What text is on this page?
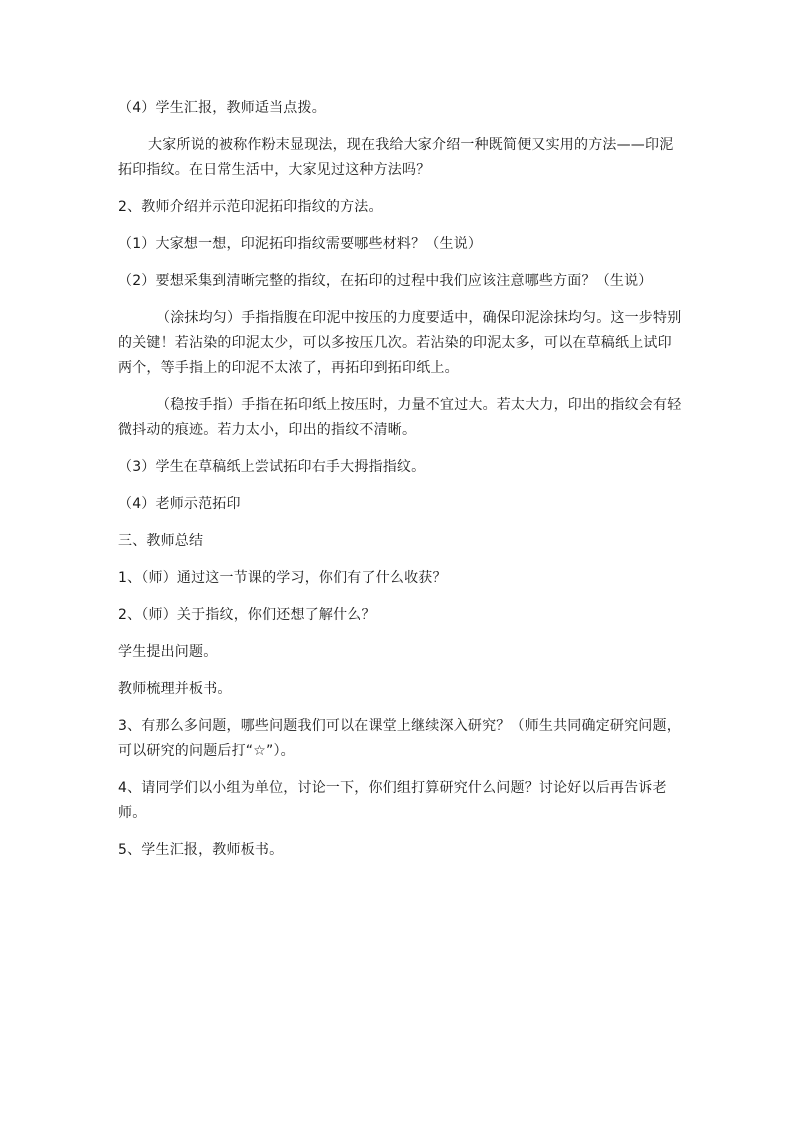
（4）学生汇报，教师适当点拨。

大家所说的被称作粉末显现法，现在我给大家介绍一种既简便又实用的方法——印泥拓印指纹。在日常生活中，大家见过这种方法吗？

2、教师介绍并示范印泥拓印指纹的方法。

（1）大家想一想，印泥拓印指纹需要哪些材料？（生说）

（2）要想采集到清晰完整的指纹，在拓印的过程中我们应该注意哪些方面？（生说）

（涂抹均匀）手指指腹在印泥中按压的力度要适中，确保印泥涂抹均匀。这一步特别的关键！若沾染的印泥太少，可以多按压几次。若沾染的印泥太多，可以在草稿纸上试印两个，等手指上的印泥不太浓了，再拓印到拓印纸上。

（稳按手指）手指在拓印纸上按压时，力量不宜过大。若太大力，印出的指纹会有轻微抖动的痕迹。若力太小，印出的指纹不清晰。

（3）学生在草稿纸上尝试拓印右手大拇指指纹。

（4）老师示范拓印

三、教师总结

1、（师）通过这一节课的学习，你们有了什么收获？

2、（师）关于指纹，你们还想了解什么？

学生提出问题。

教师梳理并板书。

3、有那么多问题，哪些问题我们可以在课堂上继续深入研究？（师生共同确定研究问题，可以研究的问题后打“☆”）。

4、请同学们以小组为单位，讨论一下，你们组打算研究什么问题？讨论好以后再告诉老师。

5、学生汇报，教师板书。
